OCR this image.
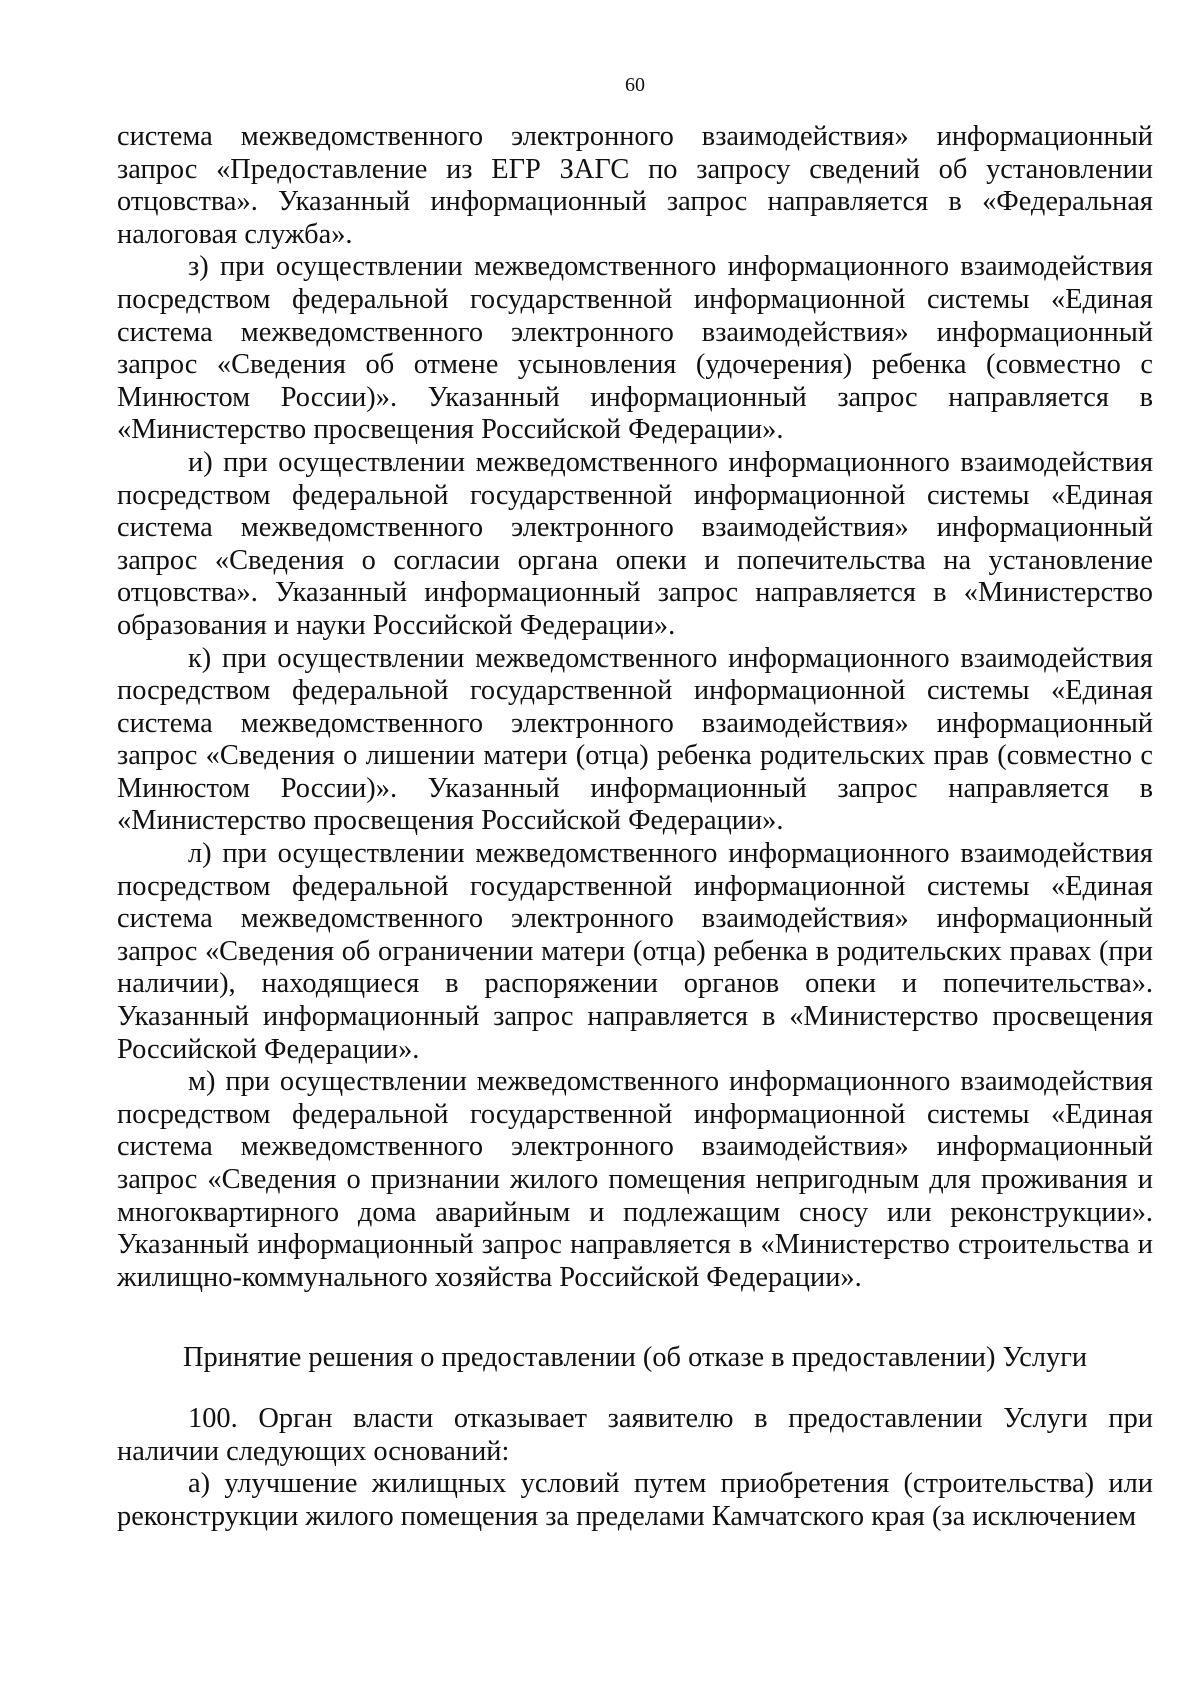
60

система межведомственного электронного взаимодействия» информационный запрос «Предоставление из ЕГР ЗАГС по запросу сведений об установлении отцовства». Указанный информационный запрос направляется в «Федеральная налоговая служба».

з) при осуществлении межведомственного информационного взаимодействия посредством федеральной государственной информационной системы «Единая система межведомственного электронного взаимодействия» информационный запрос «Сведения об отмене усыновления (удочерения) ребенка (совместно с Минюстом России)». Указанный информационный запрос направляется в «Министерство просвещения Российской Федерации».

и) при осуществлении межведомственного информационного взаимодействия посредством федеральной государственной информационной системы «Единая система межведомственного электронного взаимодействия» информационный запрос «Сведения о согласии органа опеки и попечительства на установление отцовства». Указанный информационный запрос направляется в «Министерство образования и науки Российской Федерации».

к) при осуществлении межведомственного информационного взаимодействия посредством федеральной государственной информационной системы «Единая система межведомственного электронного взаимодействия» информационный запрос «Сведения о лишении матери (отца) ребенка родительских прав (совместно с Минюстом России)». Указанный информационный запрос направляется в «Министерство просвещения Российской Федерации».

л) при осуществлении межведомственного информационного взаимодействия посредством федеральной государственной информационной системы «Единая система межведомственного электронного взаимодействия» информационный запрос «Сведения об ограничении матери (отца) ребенка в родительских правах (при наличии), находящиеся в распоряжении органов опеки и попечительства». Указанный информационный запрос направляется в «Министерство просвещения Российской Федерации».

м) при осуществлении межведомственного информационного взаимодействия посредством федеральной государственной информационной системы «Единая система межведомственного электронного взаимодействия» информационный запрос «Сведения о признании жилого помещения непригодным для проживания и многоквартирного дома аварийным и подлежащим сносу или реконструкции». Указанный информационный запрос направляется в «Министерство строительства и жилищно-коммунального хозяйства Российской Федерации».

Принятие решения о предоставлении (об отказе в предоставлении) Услуги

100. Орган власти отказывает заявителю в предоставлении Услуги при наличии следующих оснований:

а) улучшение жилищных условий путем приобретения (строительства) или реконструкции жилого помещения за пределами Камчатского края (за исключением
